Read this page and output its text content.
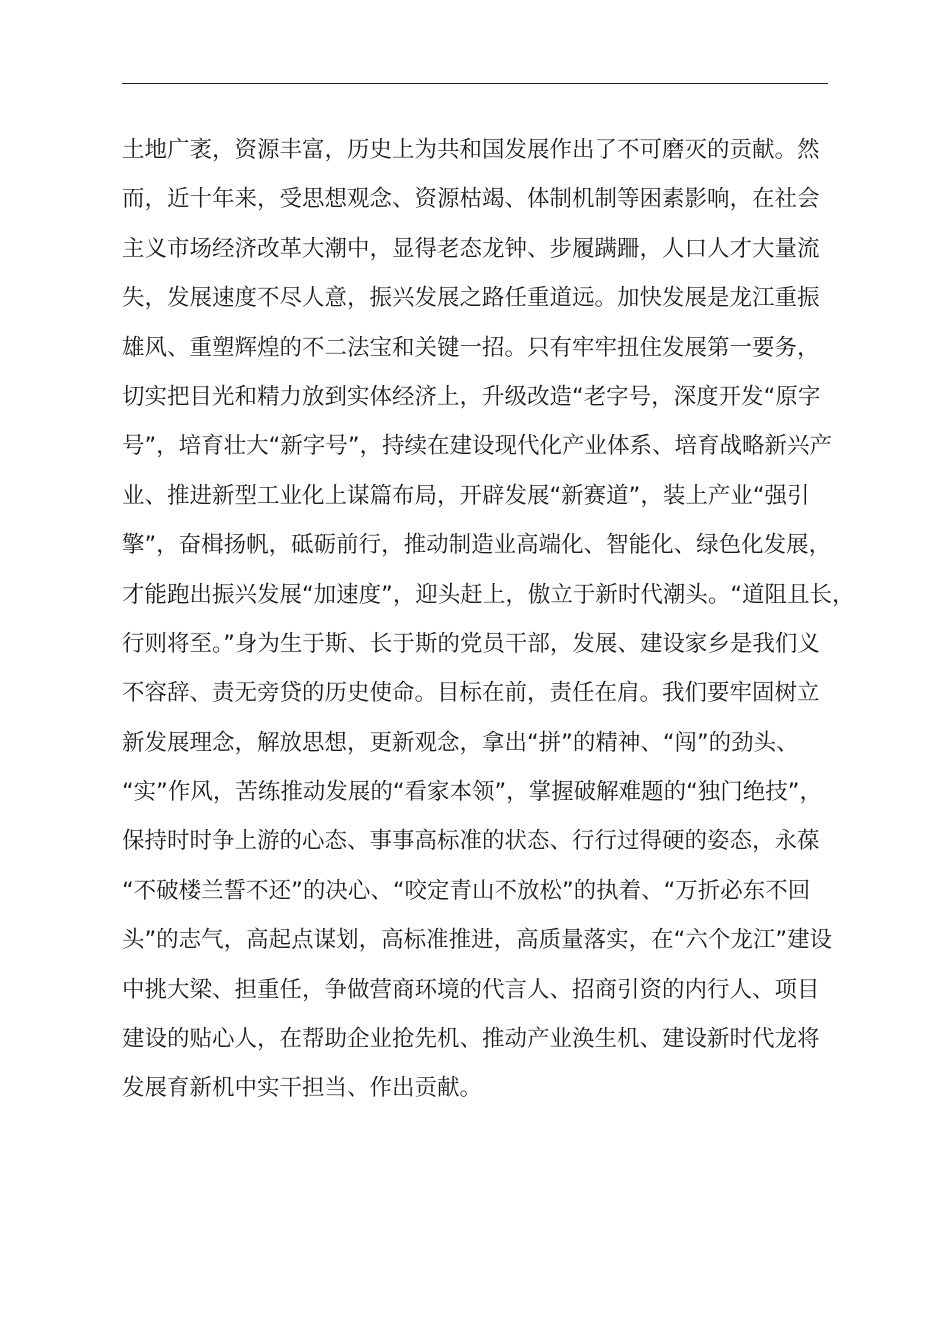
土地广袤，资源丰富，历史上为共和国发展作出了不可磨灭的贡献。然
而，近十年来，受思想观念、资源枯竭、体制机制等困素影响，在社会
主义市场经济改革大潮中，显得老态龙钟、步履蹒跚，人口人才大量流
失，发展速度不尽人意，振兴发展之路任重道远。加快发展是龙江重振
雄风、重塑辉煌的不二法宝和关键一招。只有牢牢扭住发展第一要务，
切实把目光和精力放到实体经济上，升级改造“老字号，深度开发“原字
号”，培育壮大“新字号”，持续在建设现代化产业体系、培育战略新兴产
业、推进新型工业化上谋篇布局，开辟发展“新赛道”，装上产业“强引
擎”，奋楫扬帆，砥砺前行，推动制造业高端化、智能化、绿色化发展，
才能跑出振兴发展“加速度”，迎头赶上，傲立于新时代潮头。“道阻且长，
行则将至。”身为生于斯、长于斯的党员干部，发展、建设家乡是我们义
不容辞、责无旁贷的历史使命。目标在前，责任在肩。我们要牢固树立
新发展理念，解放思想，更新观念，拿出“拼”的精神、“闯”的劲头、
“实”作风，苦练推动发展的“看家本领”，掌握破解难题的“独门绝技”，
保持时时争上游的心态、事事高标准的状态、行行过得硬的姿态，永葆
“不破楼兰誓不还”的决心、“咬定青山不放松”的执着、“万折必东不回
头”的志气，高起点谋划，高标准推进，高质量落实，在“六个龙江”建设
中挑大梁、担重任，争做营商环境的代言人、招商引资的内行人、项目
建设的贴心人，在帮助企业抢先机、推动产业涣生机、建设新时代龙将
发展育新机中实干担当、作出贡献。
